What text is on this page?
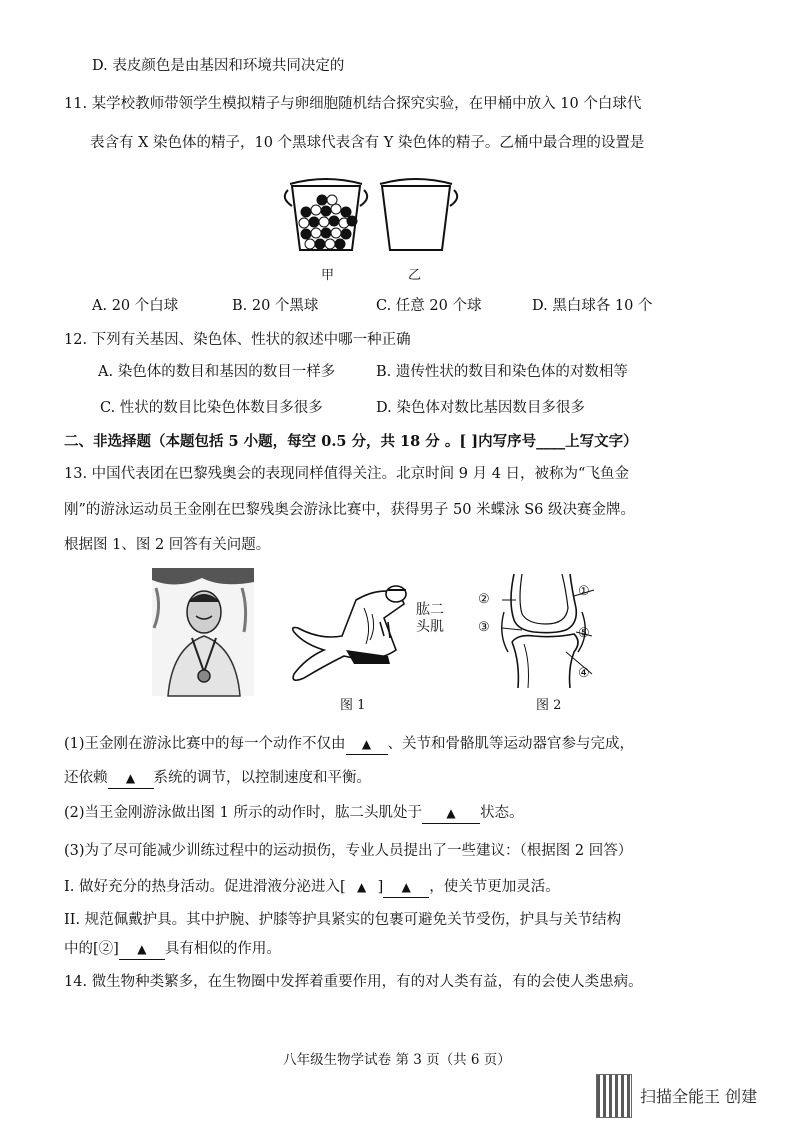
D. 表皮颜色是由基因和环境共同决定的
11. 某学校教师带领学生模拟精子与卵细胞随机结合探究实验，在甲桶中放入 10 个白球代
表含有 X 染色体的精子，10 个黑球代表含有 Y 染色体的精子。乙桶中最合理的设置是
甲	乙
A. 20 个白球	B. 20 个黑球	C. 任意 20 个球	D. 黑白球各 10 个
12. 下列有关基因、染色体、性状的叙述中哪一种正确
A. 染色体的数目和基因的数目一样多	B. 遗传性状的数目和染色体的对数相等
C. 性状的数目比染色体数目多很多	D. 染色体对数比基因数目多很多
二、非选择题（本题包括 5 小题，每空 0.5 分，共 18 分 。[ ]内写序号____上写文字）
13. 中国代表团在巴黎残奥会的表现同样值得关注。北京时间 9 月 4 日，被称为“飞鱼金
刚”的游泳运动员王金刚在巴黎残奥会游泳比赛中，获得男子 50 米蝶泳 S6 级决赛金牌。
根据图 1、图 2 回答有关问题。
肱二
头肌
图 1
②
①
③	⑤
④
图 2
(1)王金刚在游泳比赛中的每一个动作不仅由 ▲ 、关节和骨骼肌等运动器官参与完成，
还依赖 ▲ 系统的调节，以控制速度和平衡。
(2)当王金刚游泳做出图 1 所示的动作时，肱二头肌处于 ▲ 状态。
(3)为了尽可能减少训练过程中的运动损伤，专业人员提出了一些建议：（根据图 2 回答）
I. 做好充分的热身活动。促进滑液分泌进入[ ▲ ] ▲ ，使关节更加灵活。
II. 规范佩戴护具。其中护腕、护膝等护具紧实的包裹可避免关节受伤，护具与关节结构
中的[②] ▲ 具有相似的作用。
14. 微生物种类繁多，在生物圈中发挥着重要作用，有的对人类有益，有的会使人类患病。
八年级生物学试卷 第 3 页（共 6 页）
扫描全能王 创建
